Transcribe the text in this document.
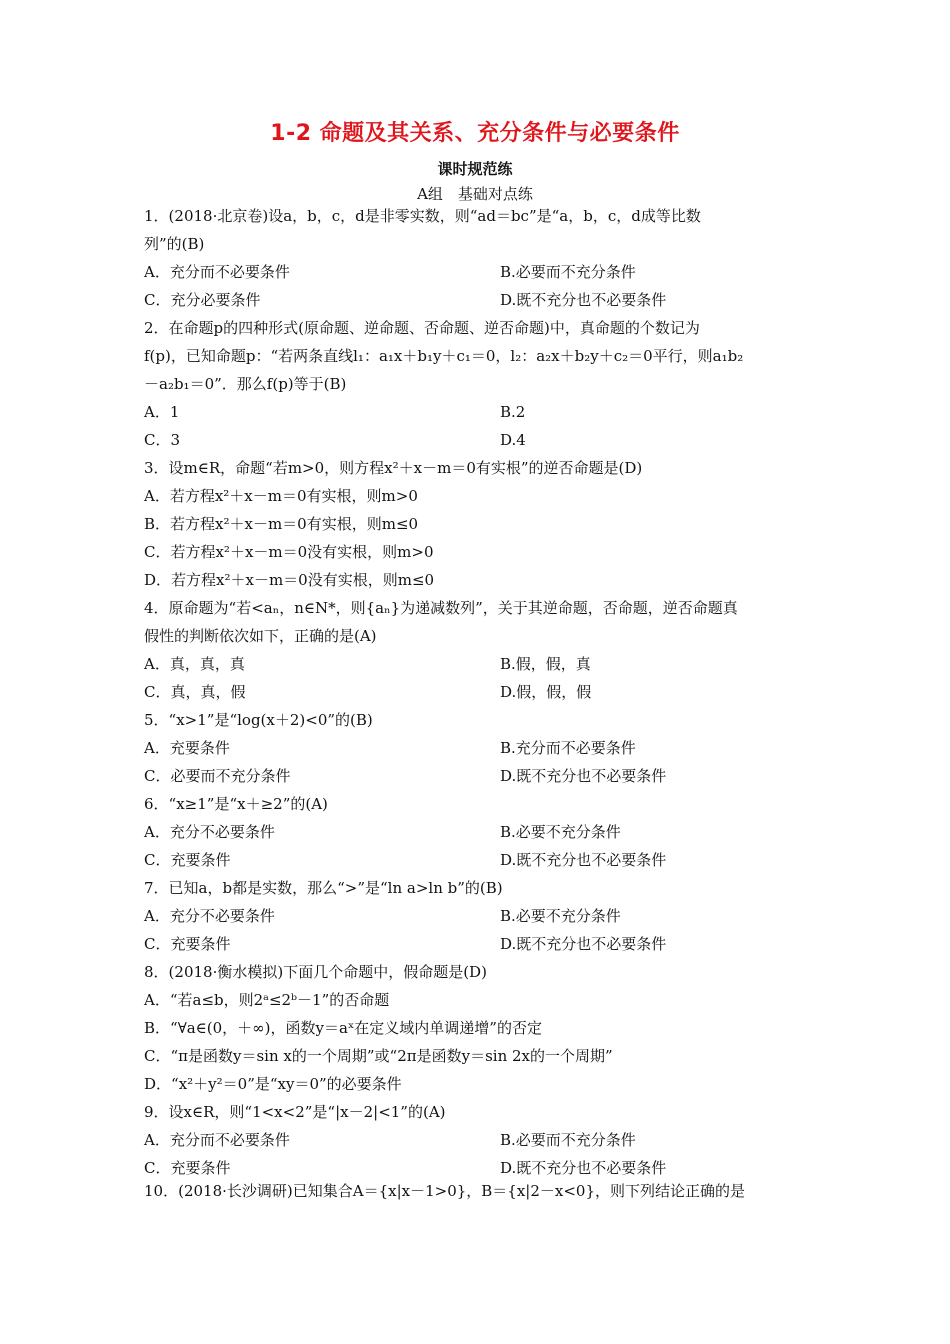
1-2 命题及其关系、充分条件与必要条件
课时规范练
A组　基础对点练
1．(2018·北京卷)设a，b，c，d是非零实数，则“ad＝bc”是“a，b，c，d成等比数
列”的(B)
A．充分而不必要条件	B.必要而不充分条件
C．充分必要条件	D.既不充分也不必要条件
2．在命题p的四种形式(原命题、逆命题、否命题、逆否命题)中，真命题的个数记为
f(p)，已知命题p：“若两条直线l₁：a₁x＋b₁y＋c₁＝0，l₂：a₂x＋b₂y＋c₂＝0平行，则a₁b₂
－a₂b₁＝0”．那么f(p)等于(B)
A．1	B.2
C．3	D.4
3．设m∈R，命题“若m>0，则方程x²＋x－m＝0有实根”的逆否命题是(D)
A．若方程x²＋x－m＝0有实根，则m>0
B．若方程x²＋x－m＝0有实根，则m≤0
C．若方程x²＋x－m＝0没有实根，则m>0
D．若方程x²＋x－m＝0没有实根，则m≤0
4．原命题为“若<aₙ，n∈N*，则{aₙ}为递减数列”，关于其逆命题，否命题，逆否命题真
假性的判断依次如下，正确的是(A)
A．真，真，真	B.假，假，真
C．真，真，假	D.假，假，假
5．“x>1”是“log(x＋2)<0”的(B)
A．充要条件	B.充分而不必要条件
C．必要而不充分条件	D.既不充分也不必要条件
6．“x≥1”是“x＋≥2”的(A)
A．充分不必要条件	B.必要不充分条件
C．充要条件	D.既不充分也不必要条件
7．已知a，b都是实数，那么“>”是“ln a>ln b”的(B)
A．充分不必要条件	B.必要不充分条件
C．充要条件	D.既不充分也不必要条件
8．(2018·衡水模拟)下面几个命题中，假命题是(D)
A．“若a≤b，则2ᵃ≤2ᵇ－1”的否命题
B．“∀a∈(0，＋∞)，函数y＝aˣ在定义域内单调递增”的否定
C．“π是函数y＝sin x的一个周期”或“2π是函数y＝sin 2x的一个周期”
D．“x²＋y²＝0”是“xy＝0”的必要条件
9．设x∈R，则“1<x<2”是“|x－2|<1”的(A)
A．充分而不必要条件	B.必要而不充分条件
C．充要条件	D.既不充分也不必要条件
10．(2018·长沙调研)已知集合A＝{x|x－1>0}，B＝{x|2－x<0}，则下列结论正确的是
